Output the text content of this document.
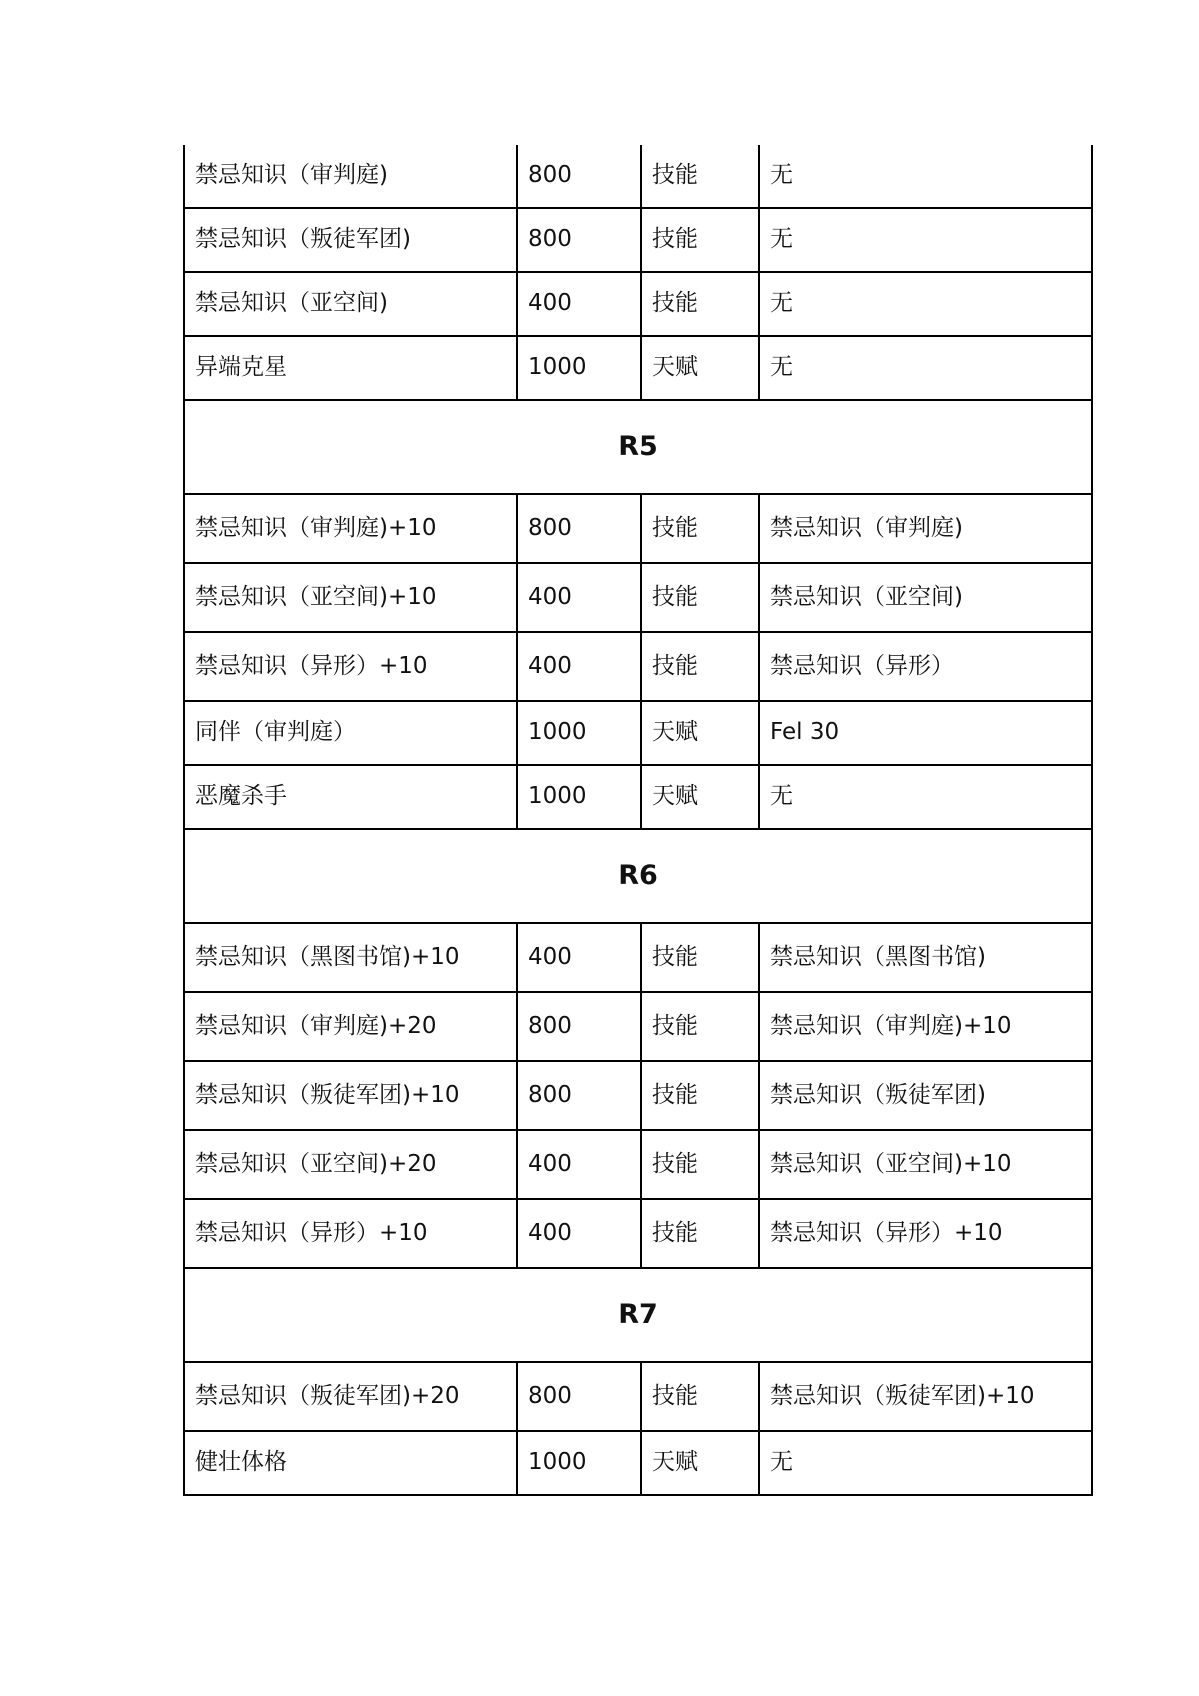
禁忌知识（审判庭)	800	技能	无
禁忌知识（叛徒军团)	800	技能	无
禁忌知识（亚空间)	400	技能	无
异端克星	1000	天赋	无
R5			
禁忌知识（审判庭)+10	800	技能	禁忌知识（审判庭)
禁忌知识（亚空间)+10	400	技能	禁忌知识（亚空间)
禁忌知识（异形）+10	400	技能	禁忌知识（异形）
同伴（审判庭）	1000	天赋	Fel 30
恶魔杀手	1000	天赋	无
R6			
禁忌知识（黑图书馆)+10	400	技能	禁忌知识（黑图书馆)
禁忌知识（审判庭)+20	800	技能	禁忌知识（审判庭)+10
禁忌知识（叛徒军团)+10	800	技能	禁忌知识（叛徒军团)
禁忌知识（亚空间)+20	400	技能	禁忌知识（亚空间)+10
禁忌知识（异形）+10	400	技能	禁忌知识（异形）+10
R7			
禁忌知识（叛徒军团)+20	800	技能	禁忌知识（叛徒军团)+10
健壮体格	1000	天赋	无
